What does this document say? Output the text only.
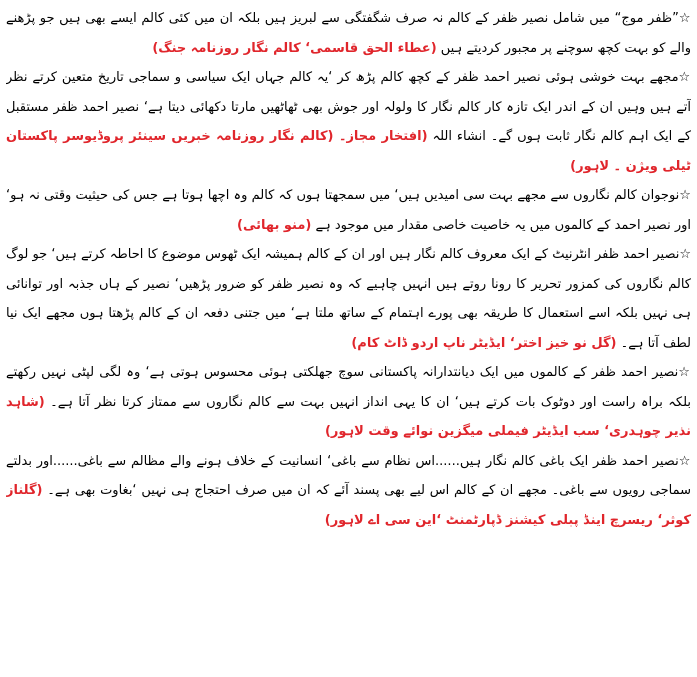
☆”ظفر موج“ میں شامل نصیر ظفر کے کالم نہ صرف شگفتگی سے لبریز ہیں بلکہ ان میں کئی کالم ایسے بھی ہیں جو پڑھنے والے کو بہت کچھ سوچنے پر مجبور کردیتے ہیں (عطاء الحق قاسمی‘ کالم نگار روزنامہ جنگ)

☆مجھے بہت خوشی ہوئی نصیر احمد ظفر کے کچھ کالم پڑھ کر ‘یہ کالم جہاں ایک سیاسی و سماجی تاریخ متعین کرتے نظر آتے ہیں وہیں ان کے اندر ایک تازہ کار کالم نگار کا ولولہ اور جوش بھی ٹھاٹھیں مارتا دکھائی دیتا ہے‘ نصیر احمد ظفر مستقبل کے ایک اہم کالم نگار ثابت ہوں گے۔ انشاء اللہ (افتخار مجاز۔ (کالم نگار روزنامہ خبریں سینئر پروڈیوسر پاکستان ٹیلی ویژن ۔ لاہور)

☆نوجوان کالم نگاروں سے مجھے بہت سی امیدیں ہیں‘ میں سمجھتا ہوں کہ کالم وہ اچھا ہوتا ہے جس کی حیثیت وقتی نہ ہو‘ اور نصیر احمد کے کالموں میں یہ خاصیت خاصی مقدار میں موجود ہے (منو بھائی)

☆نصیر احمد ظفر انٹرنیٹ کے ایک معروف کالم نگار ہیں اور ان کے کالم ہمیشہ ایک ٹھوس موضوع کا احاطہ کرتے ہیں‘ جو لوگ کالم نگاروں کی کمزور تحریر کا رونا روتے ہیں انہیں چاہیے کہ وہ نصیر ظفر کو ضرور پڑھیں‘ نصیر کے ہاں جذبہ اور توانائی ہی نہیں بلکہ اسے استعمال کا طریقہ بھی پورے اہتمام کے ساتھ ملتا ہے‘ میں جتنی دفعہ ان کے کالم پڑھتا ہوں مجھے ایک نیا لطف آتا ہے۔ (گل نو خیز اختر‘ ایڈیٹر ناپ اردو ڈاٹ کام)

☆نصیر احمد ظفر کے کالموں میں ایک دیانتدارانہ پاکستانی سوچ جھلکتی ہوئی محسوس ہوتی ہے‘ وہ لگی لپٹی نہیں رکھتے بلکہ براہ راست اور دوٹوک بات کرتے ہیں‘ ان کا یہی انداز انہیں بہت سے کالم نگاروں سے ممتاز کرتا نظر آتا ہے۔ (شاہد نذیر چوہدری‘ سب ایڈیٹر فیملی میگزین نوائے وقت لاہور)

☆نصیر احمد ظفر ایک باغی کالم نگار ہیں......اس نظام سے باغی‘ انسانیت کے خلاف ہونے والے مظالم سے باغی......اور بدلتے سماجی رویوں سے باغی۔ مجھے ان کے کالم اس لیے بھی پسند آئے کہ ان میں صرف احتجاج ہی نہیں ‘بغاوت بھی ہے۔ (گلناز کوثر‘ ریسرچ اینڈ پبلی کیشنز ڈپارٹمنٹ ‘این سی اے لاہور)
